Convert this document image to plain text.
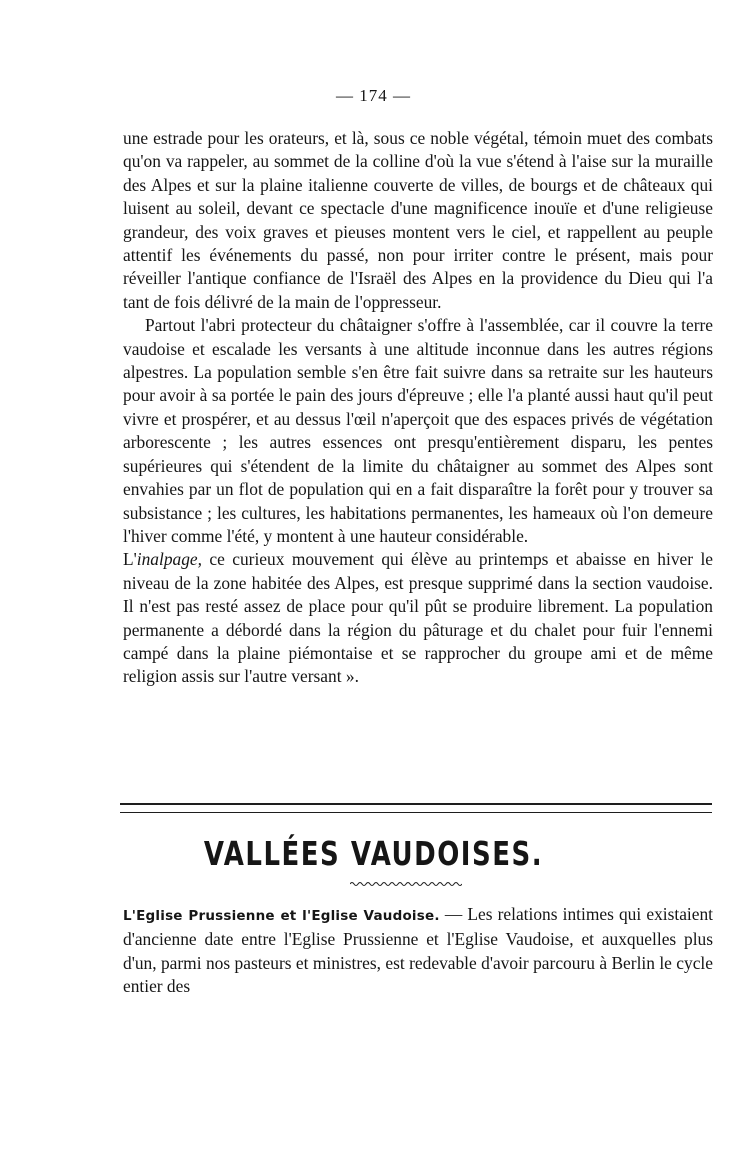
— 174 —

une estrade pour les orateurs, et là, sous ce noble végétal, témoin muet des combats qu'on va rappeler, au sommet de la colline d'où la vue s'étend à l'aise sur la muraille des Alpes et sur la plaine italienne couverte de villes, de bourgs et de châteaux qui luisent au soleil, devant ce spectacle d'une magnificence inouïe et d'une religieuse grandeur, des voix graves et pieuses montent vers le ciel, et rappellent au peuple attentif les événements du passé, non pour irriter contre le présent, mais pour réveiller l'antique confiance de l'Israël des Alpes en la providence du Dieu qui l'a tant de fois délivré de la main de l'oppresseur.

Partout l'abri protecteur du châtaigner s'offre à l'assemblée, car il couvre la terre vaudoise et escalade les versants à une altitude inconnue dans les autres régions alpestres. La population semble s'en être fait suivre dans sa retraite sur les hauteurs pour avoir à sa portée le pain des jours d'épreuve ; elle l'a planté aussi haut qu'il peut vivre et prospérer, et au dessus l'œil n'aperçoit que des espaces privés de végétation arborescente ; les autres essences ont presqu'entièrement disparu, les pentes supérieures qui s'étendent de la limite du châtaigner au sommet des Alpes sont envahies par un flot de population qui en a fait disparaître la forêt pour y trouver sa subsistance ; les cultures, les habitations permanentes, les hameaux où l'on demeure l'hiver comme l'été, y montent à une hauteur considérable.

L'inalpage, ce curieux mouvement qui élève au printemps et abaisse en hiver le niveau de la zone habitée des Alpes, est presque supprimé dans la section vaudoise. Il n'est pas resté assez de place pour qu'il pût se produire librement. La population permanente a débordé dans la région du pâturage et du chalet pour fuir l'ennemi campé dans la plaine piémontaise et se rapprocher du groupe ami et de même religion assis sur l'autre versant ».

VALLÉES VAUDOISES.

L'Eglise Prussienne et l'Eglise Vaudoise. — Les relations intimes qui existaient d'ancienne date entre l'Eglise Prussienne et l'Eglise Vaudoise, et auxquelles plus d'un, parmi nos pasteurs et ministres, est redevable d'avoir parcouru à Berlin le cycle entier des
